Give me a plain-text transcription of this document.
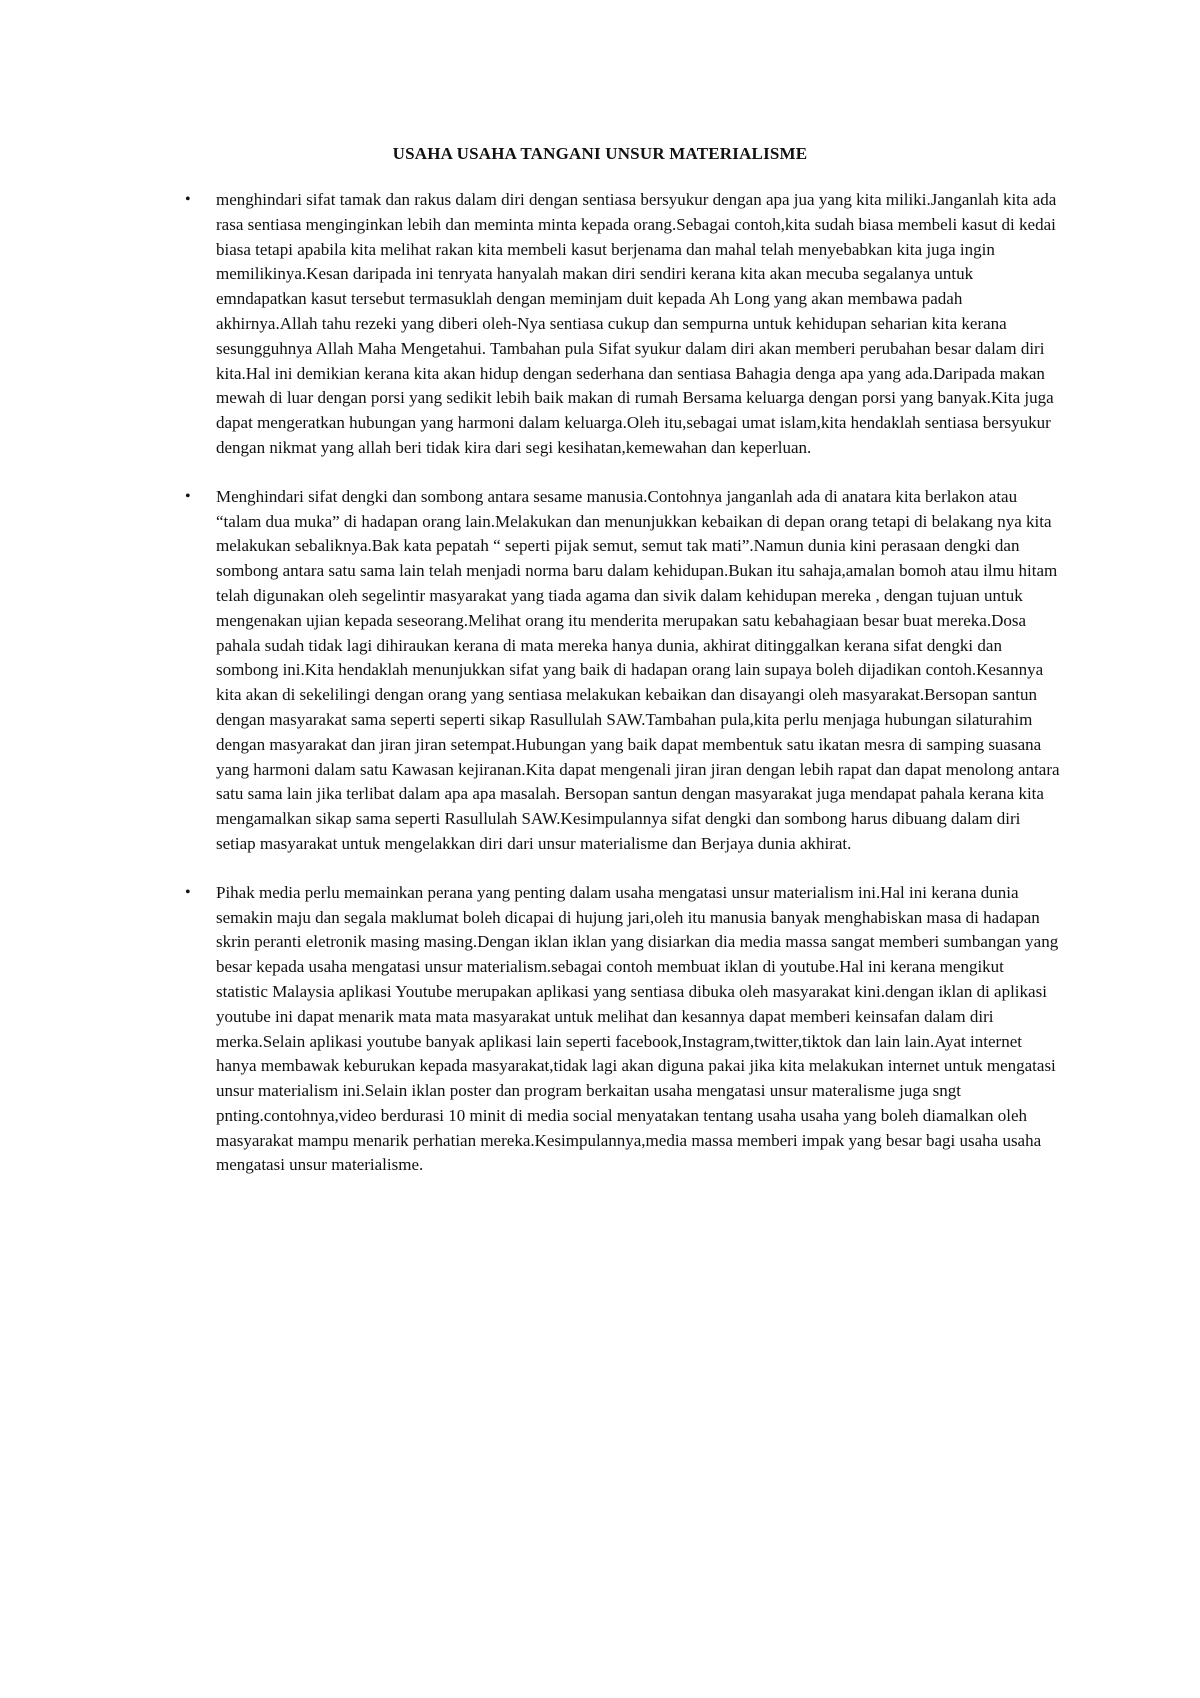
USAHA USAHA TANGANI UNSUR MATERIALISME
• menghindari sifat tamak dan rakus dalam diri dengan sentiasa bersyukur dengan apa jua yang kita miliki.Janganlah kita ada rasa sentiasa menginginkan lebih dan meminta minta kepada orang.Sebagai contoh,kita sudah biasa membeli kasut di kedai biasa tetapi apabila kita melihat rakan kita membeli kasut berjenama dan mahal telah menyebabkan kita juga ingin memilikinya.Kesan daripada ini tenryata hanyalah makan diri sendiri kerana kita akan mecuba segalanya untuk emndapatkan kasut tersebut termasuklah dengan meminjam duit kepada Ah Long yang akan membawa padah akhirnya.Allah tahu rezeki yang diberi oleh-Nya sentiasa cukup dan sempurna untuk kehidupan seharian kita kerana sesungguhnya Allah Maha Mengetahui. Tambahan pula Sifat syukur dalam diri akan memberi perubahan besar dalam diri kita.Hal ini demikian kerana kita akan hidup dengan sederhana dan sentiasa Bahagia denga apa yang ada.Daripada makan mewah di luar dengan porsi yang sedikit lebih baik makan di rumah Bersama keluarga dengan porsi yang banyak.Kita juga dapat mengeratkan hubungan yang harmoni dalam keluarga.Oleh itu,sebagai umat islam,kita hendaklah sentiasa bersyukur dengan nikmat yang allah beri tidak kira dari segi kesihatan,kemewahan dan keperluan.

• Menghindari sifat dengki dan sombong antara sesame manusia.Contohnya janganlah ada di anatara kita berlakon atau “talam dua muka” di hadapan orang lain.Melakukan dan menunjukkan kebaikan di depan orang tetapi di belakang nya kita melakukan sebaliknya.Bak kata pepatah “ seperti pijak semut, semut tak mati”.Namun dunia kini perasaan dengki dan sombong antara satu sama lain telah menjadi norma baru dalam kehidupan.Bukan itu sahaja,amalan bomoh atau ilmu hitam telah digunakan oleh segelintir masyarakat yang tiada agama dan sivik dalam kehidupan mereka , dengan tujuan untuk mengenakan ujian kepada seseorang.Melihat orang itu menderita merupakan satu kebahagiaan besar buat mereka.Dosa pahala sudah tidak lagi dihiraukan kerana di mata mereka hanya dunia, akhirat ditinggalkan kerana sifat dengki dan sombong ini.Kita hendaklah menunjukkan sifat yang baik di hadapan orang lain supaya boleh dijadikan contoh.Kesannya kita akan di sekelilingi dengan orang yang sentiasa melakukan kebaikan dan disayangi oleh masyarakat.Bersopan santun dengan masyarakat sama seperti seperti sikap Rasullulah SAW.Tambahan pula,kita perlu menjaga hubungan silaturahim dengan masyarakat dan jiran jiran setempat.Hubungan yang baik dapat membentuk satu ikatan mesra di samping suasana yang harmoni dalam satu Kawasan kejiranan.Kita dapat mengenali jiran jiran dengan lebih rapat dan dapat menolong antara satu sama lain jika terlibat dalam apa apa masalah. Bersopan santun dengan masyarakat juga mendapat pahala kerana kita mengamalkan sikap sama seperti Rasullulah SAW.Kesimpulannya sifat dengki dan sombong harus dibuang dalam diri setiap masyarakat untuk mengelakkan diri dari unsur materialisme dan Berjaya dunia akhirat.

• Pihak media perlu memainkan perana yang penting dalam usaha mengatasi unsur materialism ini.Hal ini kerana dunia semakin maju dan segala maklumat boleh dicapai di hujung jari,oleh itu manusia banyak menghabiskan masa di hadapan skrin peranti eletronik masing masing.Dengan iklan iklan yang disiarkan dia media massa sangat memberi sumbangan yang besar kepada usaha mengatasi unsur materialism.sebagai contoh membuat iklan di youtube.Hal ini kerana mengikut statistic Malaysia aplikasi Youtube merupakan aplikasi yang sentiasa dibuka oleh masyarakat kini.dengan iklan di aplikasi youtube ini dapat menarik mata mata masyarakat untuk melihat dan kesannya dapat memberi keinsafan dalam diri merka.Selain aplikasi youtube banyak aplikasi lain seperti facebook,Instagram,twitter,tiktok dan lain lain.Ayat internet hanya membawak keburukan kepada masyarakat,tidak lagi akan diguna pakai jika kita melakukan internet untuk mengatasi unsur materialism ini.Selain iklan poster dan program berkaitan usaha mengatasi unsur materalisme juga sngt pnting.contohnya,video berdurasi 10 minit di media social menyatakan tentang usaha usaha yang boleh diamalkan oleh masyarakat mampu menarik perhatian mereka.Kesimpulannya,media massa memberi impak yang besar bagi usaha usaha mengatasi unsur materialisme.
